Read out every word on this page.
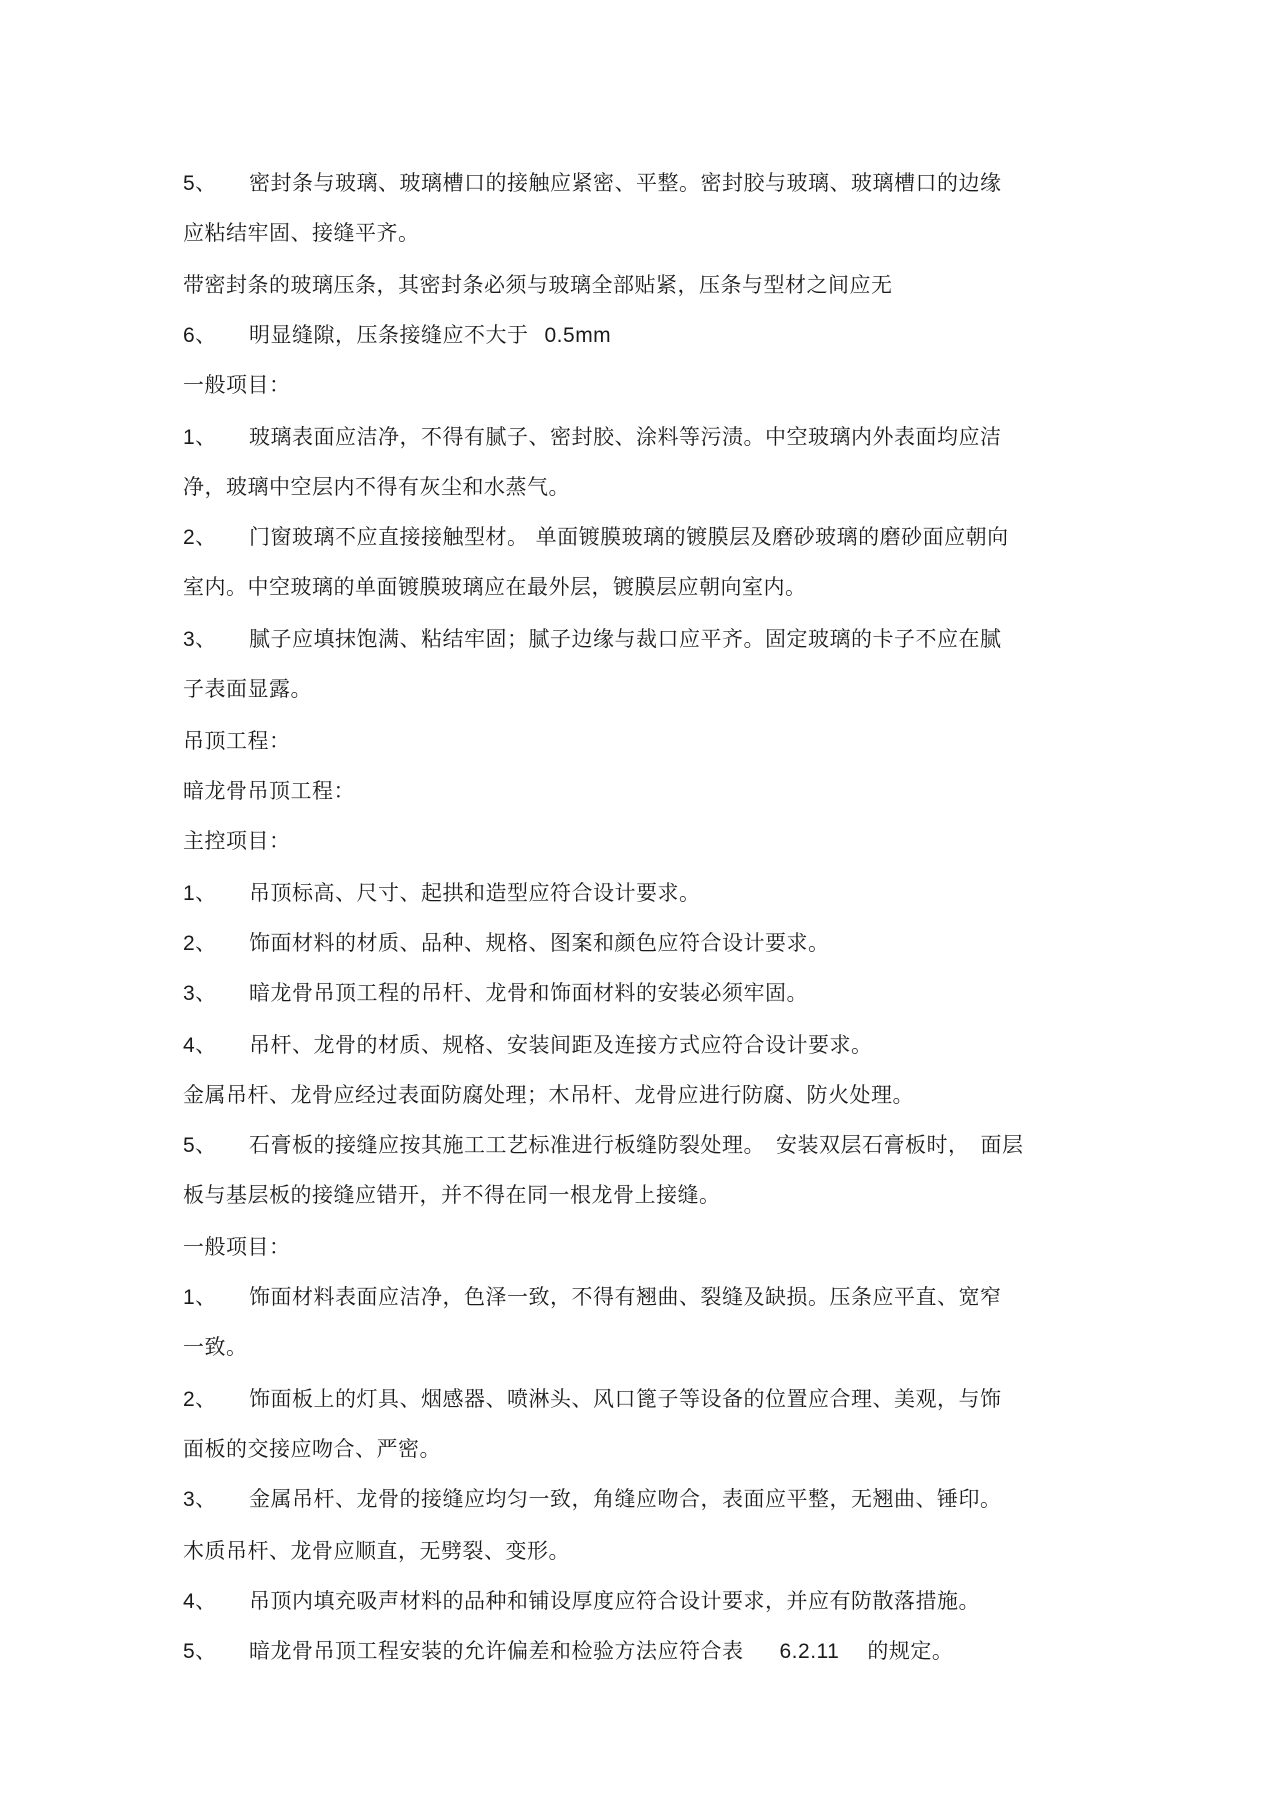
5、 密封条与玻璃、玻璃槽口的接触应紧密、平整。密封胶与玻璃、玻璃槽口的边缘
应粘结牢固、接缝平齐。
带密封条的玻璃压条，其密封条必须与玻璃全部贴紧，压条与型材之间应无
6、 明显缝隙，压条接缝应不大于 0.5mm
一般项目：
1、 玻璃表面应洁净，不得有腻子、密封胶、涂料等污渍。中空玻璃内外表面均应洁
净，玻璃中空层内不得有灰尘和水蒸气。
2、 门窗玻璃不应直接接触型材。 单面镀膜玻璃的镀膜层及磨砂玻璃的磨砂面应朝向
室内。中空玻璃的单面镀膜玻璃应在最外层，镀膜层应朝向室内。
3、 腻子应填抹饱满、粘结牢固；腻子边缘与裁口应平齐。固定玻璃的卡子不应在腻
子表面显露。
吊顶工程：
暗龙骨吊顶工程：
主控项目：
1、 吊顶标高、尺寸、起拱和造型应符合设计要求。
2、 饰面材料的材质、品种、规格、图案和颜色应符合设计要求。
3、 暗龙骨吊顶工程的吊杆、龙骨和饰面材料的安装必须牢固。
4、 吊杆、龙骨的材质、规格、安装间距及连接方式应符合设计要求。
金属吊杆、龙骨应经过表面防腐处理；木吊杆、龙骨应进行防腐、防火处理。
5、 石膏板的接缝应按其施工工艺标准进行板缝防裂处理。　安装双层石膏板时，　面层
板与基层板的接缝应错开，并不得在同一根龙骨上接缝。
一般项目：
1、 饰面材料表面应洁净，色泽一致，不得有翘曲、裂缝及缺损。压条应平直、宽窄
一致。
2、 饰面板上的灯具、烟感器、喷淋头、风口篦子等设备的位置应合理、美观，与饰
面板的交接应吻合、严密。
3、 金属吊杆、龙骨的接缝应均匀一致，角缝应吻合，表面应平整，无翘曲、锤印。
木质吊杆、龙骨应顺直，无劈裂、变形。
4、 吊顶内填充吸声材料的品种和铺设厚度应符合设计要求，并应有防散落措施。
5、 暗龙骨吊顶工程安装的允许偏差和检验方法应符合表 6.2.11 的规定。
